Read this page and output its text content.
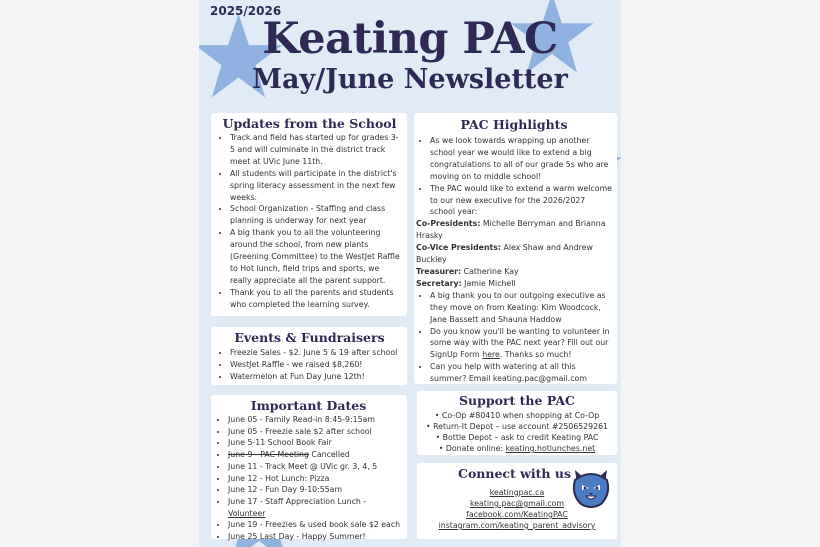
2025/2026
Keating PAC
May/June Newsletter
Updates from the School
• Track and field has started up for grades 3-5 and will culminate in the district track meet at UVic June 11th.
• All students will participate in the district's spring literacy assessment in the next few weeks.
• School Organization - Staffing and class planning is underway for next year
• A big thank you to all the volunteering around the school, from new plants (Greening Committee) to the WestJet Raffle to Hot lunch, field trips and sports, we really appreciate all the parent support.
• Thank you to all the parents and students who completed the learning survey.
Events & Fundraisers
• Freezie Sales - $2. June 5 & 19 after school
• WestJet Raffle - we raised $8,260!
• Watermelon at Fun Day June 12th!
Important Dates
• June 05 - Family Read-in 8:45-9:15am
• June 05 - Freezie sale $2 after school
• June 5-11 School Book Fair
• June 9 - PAC Meeting Cancelled
• June 11 - Track Meet @ UVic gr. 3, 4, 5
• June 12 - Hot Lunch: Pizza
• June 12 - Fun Day 9-10:55am
• June 17 - Staff Appreciation Lunch - Volunteer
• June 19 - Freezies & used book sale $2 each
• June 25 Last Day - Happy Summer!
PAC Highlights
• As we look towards wrapping up another school year we would like to extend a big congratulations to all of our grade 5s who are moving on to middle school!
• The PAC would like to extend a warm welcome to our new executive for the 2026/2027 school year:

Co-Presidents: Michelle Berryman and Brianna Hrasky

Co-Vice Presidents: Alex Shaw and Andrew Buckley

Treasurer: Catherine Kay

Secretary: Jamie Michell

• A big thank you to our outgoing executive as they move on from Keating: Kim Woodcock, Jane Bassett and Shauna Haddow
• Do you know you'll be wanting to volunteer in some way with the PAC next year? Fill out our SignUp Form here. Thanks so much!
• Can you help with watering at all this summer? Email keating.pac@gmail.com
Support the PAC

• Co-Op #80410 when shopping at Co-Op

• Return-It Depot – use account #2506529261

• Bottle Depot – ask to credit Keating PAC

• Donate online: keating.hotlunches.net

Connect with us

keatingpac.ca

keating.pac@gmail.com

facebook.com/KeatingPAC

instagram.com/keating_parent_advisory
